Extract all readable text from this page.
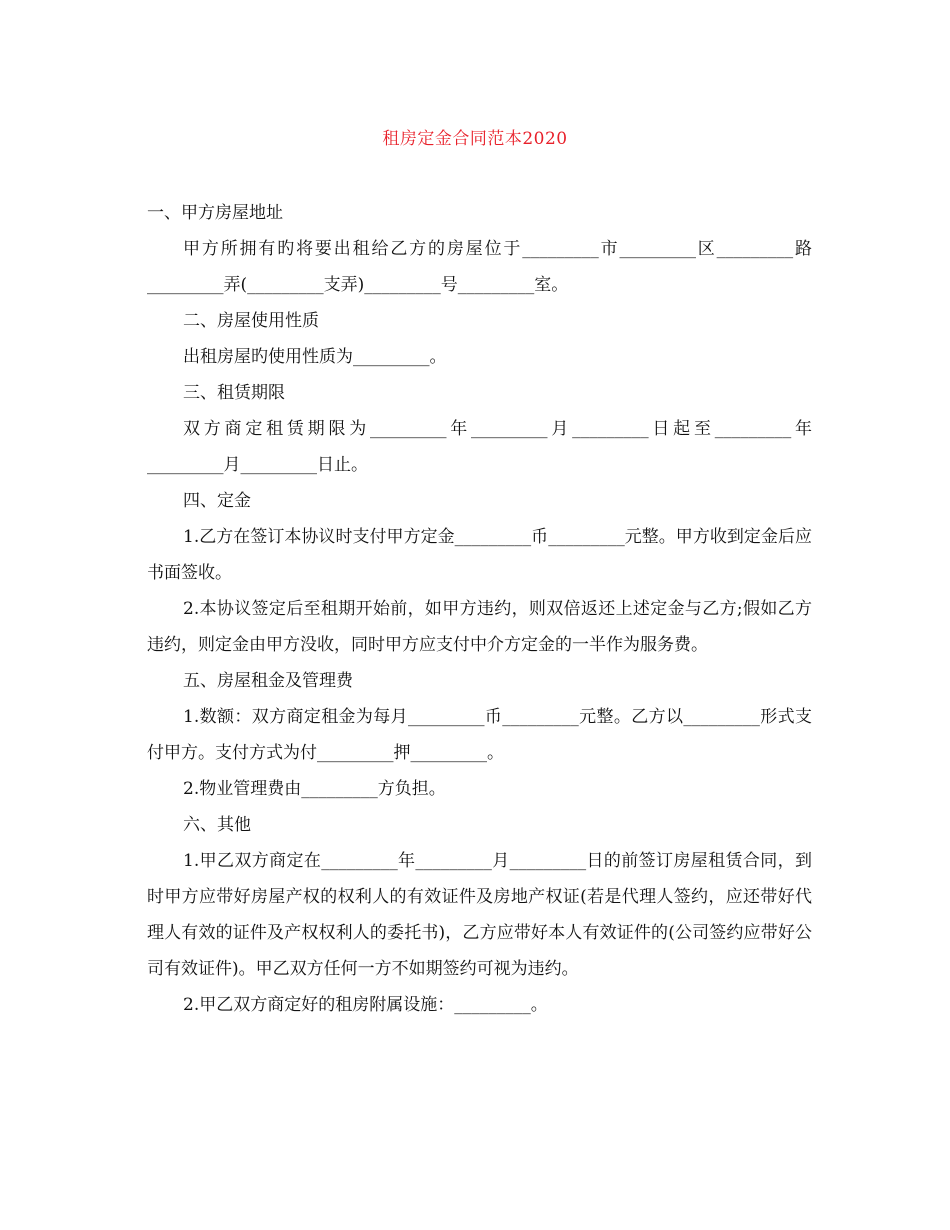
租房定金合同范本2020

一、甲方房屋地址

甲方所拥有旳将要出租给乙方的房屋位于_________市_________区_________路_________弄(_________支弄)_________号_________室。

二、房屋使用性质

出租房屋旳使用性质为_________。

三、租赁期限

双方商定租赁期限为_________年_________月_________日起至_________年_________月_________日止。

四、定金

1.乙方在签订本协议时支付甲方定金_________币_________元整。甲方收到定金后应书面签收。

2.本协议签定后至租期开始前，如甲方违约，则双倍返还上述定金与乙方;假如乙方违约，则定金由甲方没收，同时甲方应支付中介方定金的一半作为服务费。

五、房屋租金及管理费

1.数额：双方商定租金为每月_________币_________元整。乙方以_________形式支付甲方。支付方式为付_________押_________。

2.物业管理费由_________方负担。

六、其他

1.甲乙双方商定在_________年_________月_________日的前签订房屋租赁合同，到时甲方应带好房屋产权的权利人的有效证件及房地产权证(若是代理人签约，应还带好代理人有效的证件及产权权利人的委托书)，乙方应带好本人有效证件的(公司签约应带好公司有效证件)。甲乙双方任何一方不如期签约可视为违约。

2.甲乙双方商定好的租房附属设施：_________。
